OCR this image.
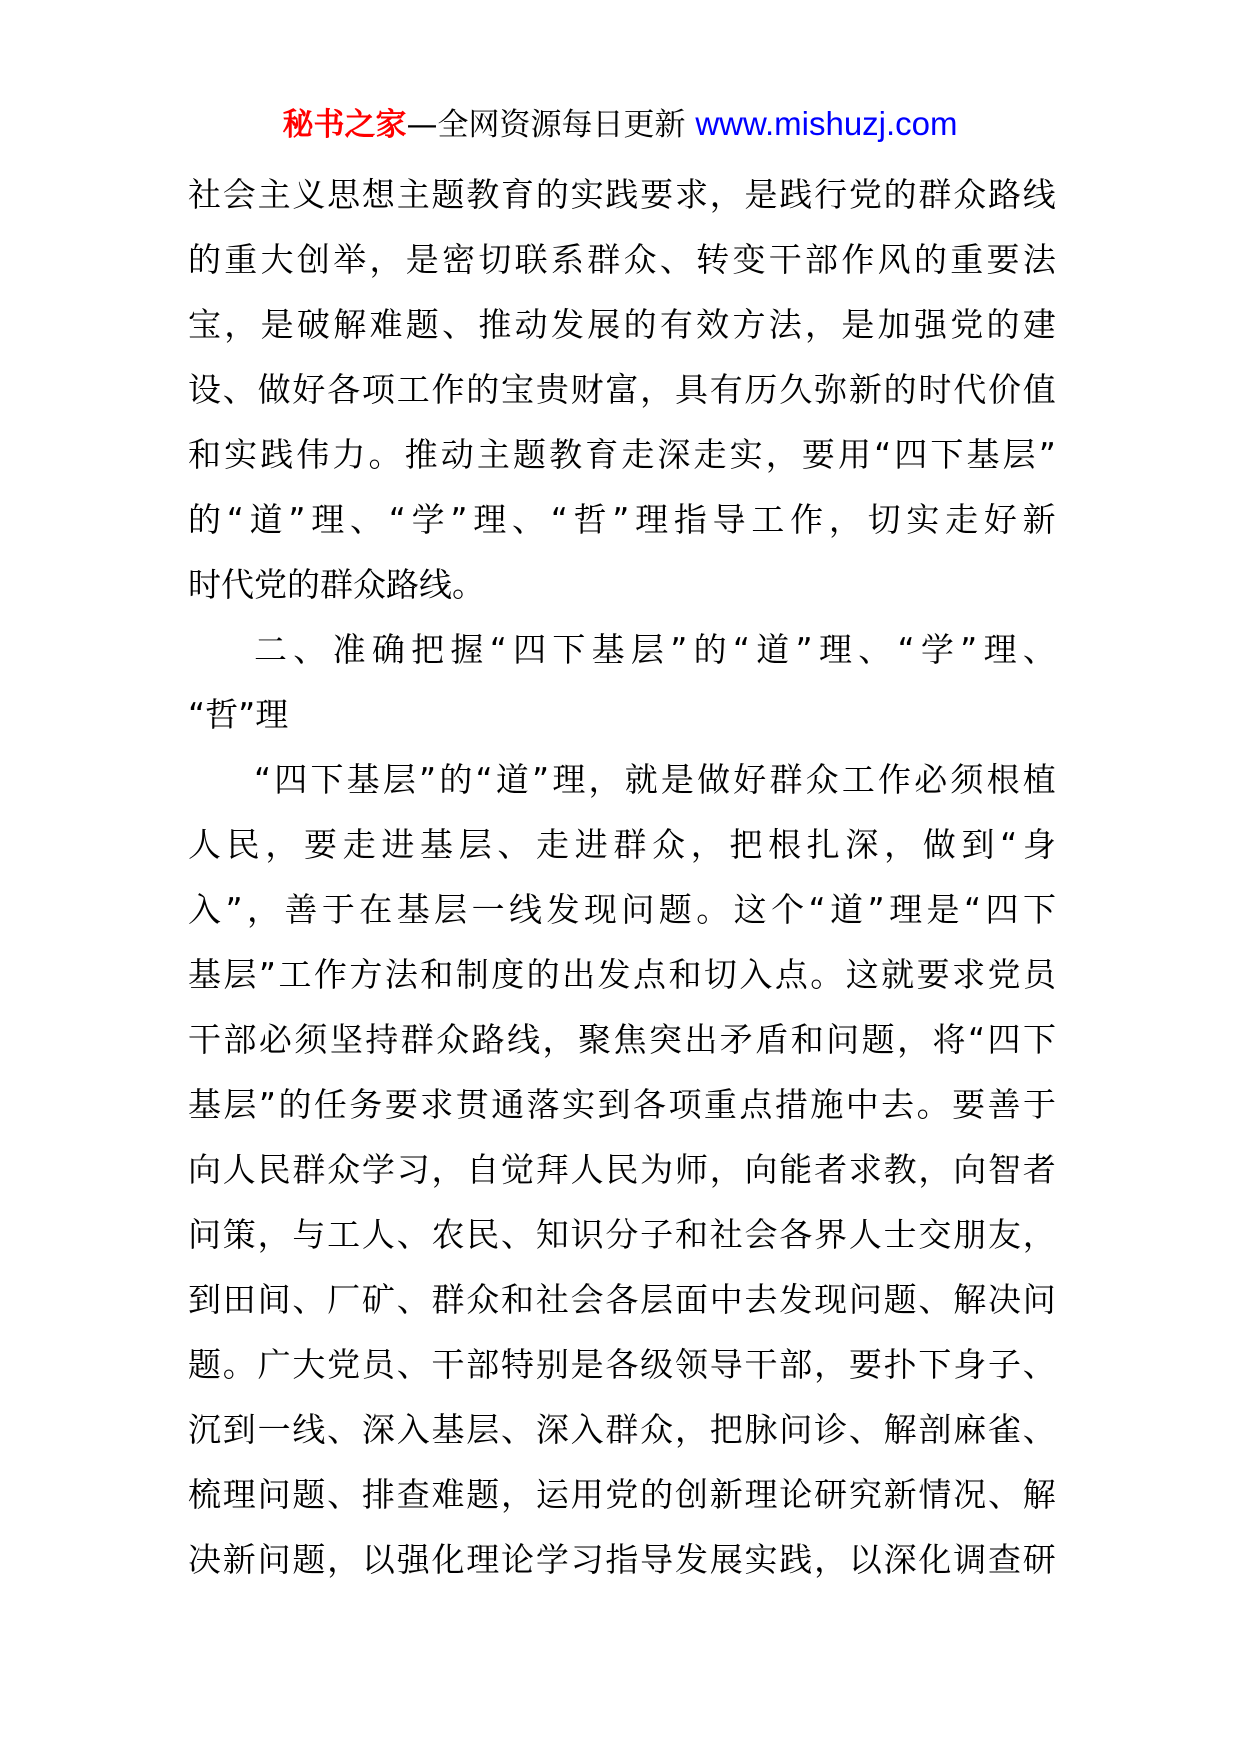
秘书之家—全网资源每日更新 www.mishuzj.com
社 会 主 义 思 想 主 题 教 育 的 实 践 要 求 ， 是 践 行 党 的 群 众 路 线
的 重 大 创 举 ， 是 密 切 联 系 群 众 、 转 变 干 部 作 风 的 重 要 法
宝 ， 是 破 解 难 题 、 推 动 发 展 的 有 效 方 法 ， 是 加 强 党 的 建
设 、 做 好 各 项 工 作 的 宝 贵 财 富 ， 具 有 历 久 弥 新 的 时 代 价 值
和 实 践 伟 力 。 推 动 主 题 教 育 走 深 走 实 ， 要 用 “ 四 下 基 层 ”
的 “ 道 ” 理 、 “ 学 ” 理 、 “ 哲 ” 理 指 导 工 作 ， 切 实 走 好 新
时代党的群众路线。
二 、 准 确 把 握 “ 四 下 基 层 ” 的 “ 道 ” 理 、 “ 学 ” 理 、
“哲”理
“ 四 下 基 层 ” 的 “ 道 ” 理 ， 就 是 做 好 群 众 工 作 必 须 根 植
人 民 ， 要 走 进 基 层 、 走 进 群 众 ， 把 根 扎 深 ， 做 到 “ 身
入 ” ， 善 于 在 基 层 一 线 发 现 问 题 。 这 个 “ 道 ” 理 是 “ 四 下
基 层 ” 工 作 方 法 和 制 度 的 出 发 点 和 切 入 点 。 这 就 要 求 党 员
干 部 必 须 坚 持 群 众 路 线 ， 聚 焦 突 出 矛 盾 和 问 题 ， 将 “ 四 下
基 层 ” 的 任 务 要 求 贯 通 落 实 到 各 项 重 点 措 施 中 去 。 要 善 于
向 人 民 群 众 学 习 ， 自 觉 拜 人 民 为 师 ， 向 能 者 求 教 ， 向 智 者
问 策 ， 与 工 人 、 农 民 、 知 识 分 子 和 社 会 各 界 人 士 交 朋 友 ，
到 田 间 、 厂 矿 、 群 众 和 社 会 各 层 面 中 去 发 现 问 题 、 解 决 问
题 。 广 大 党 员 、 干 部 特 别 是 各 级 领 导 干 部 ， 要 扑 下 身 子 、
沉 到 一 线 、 深 入 基 层 、 深 入 群 众 ， 把 脉 问 诊 、 解 剖 麻 雀 、
梳 理 问 题 、 排 查 难 题 ， 运 用 党 的 创 新 理 论 研 究 新 情 况 、 解
决 新 问 题 ， 以 强 化 理 论 学 习 指 导 发 展 实 践 ， 以 深 化 调 查 研
